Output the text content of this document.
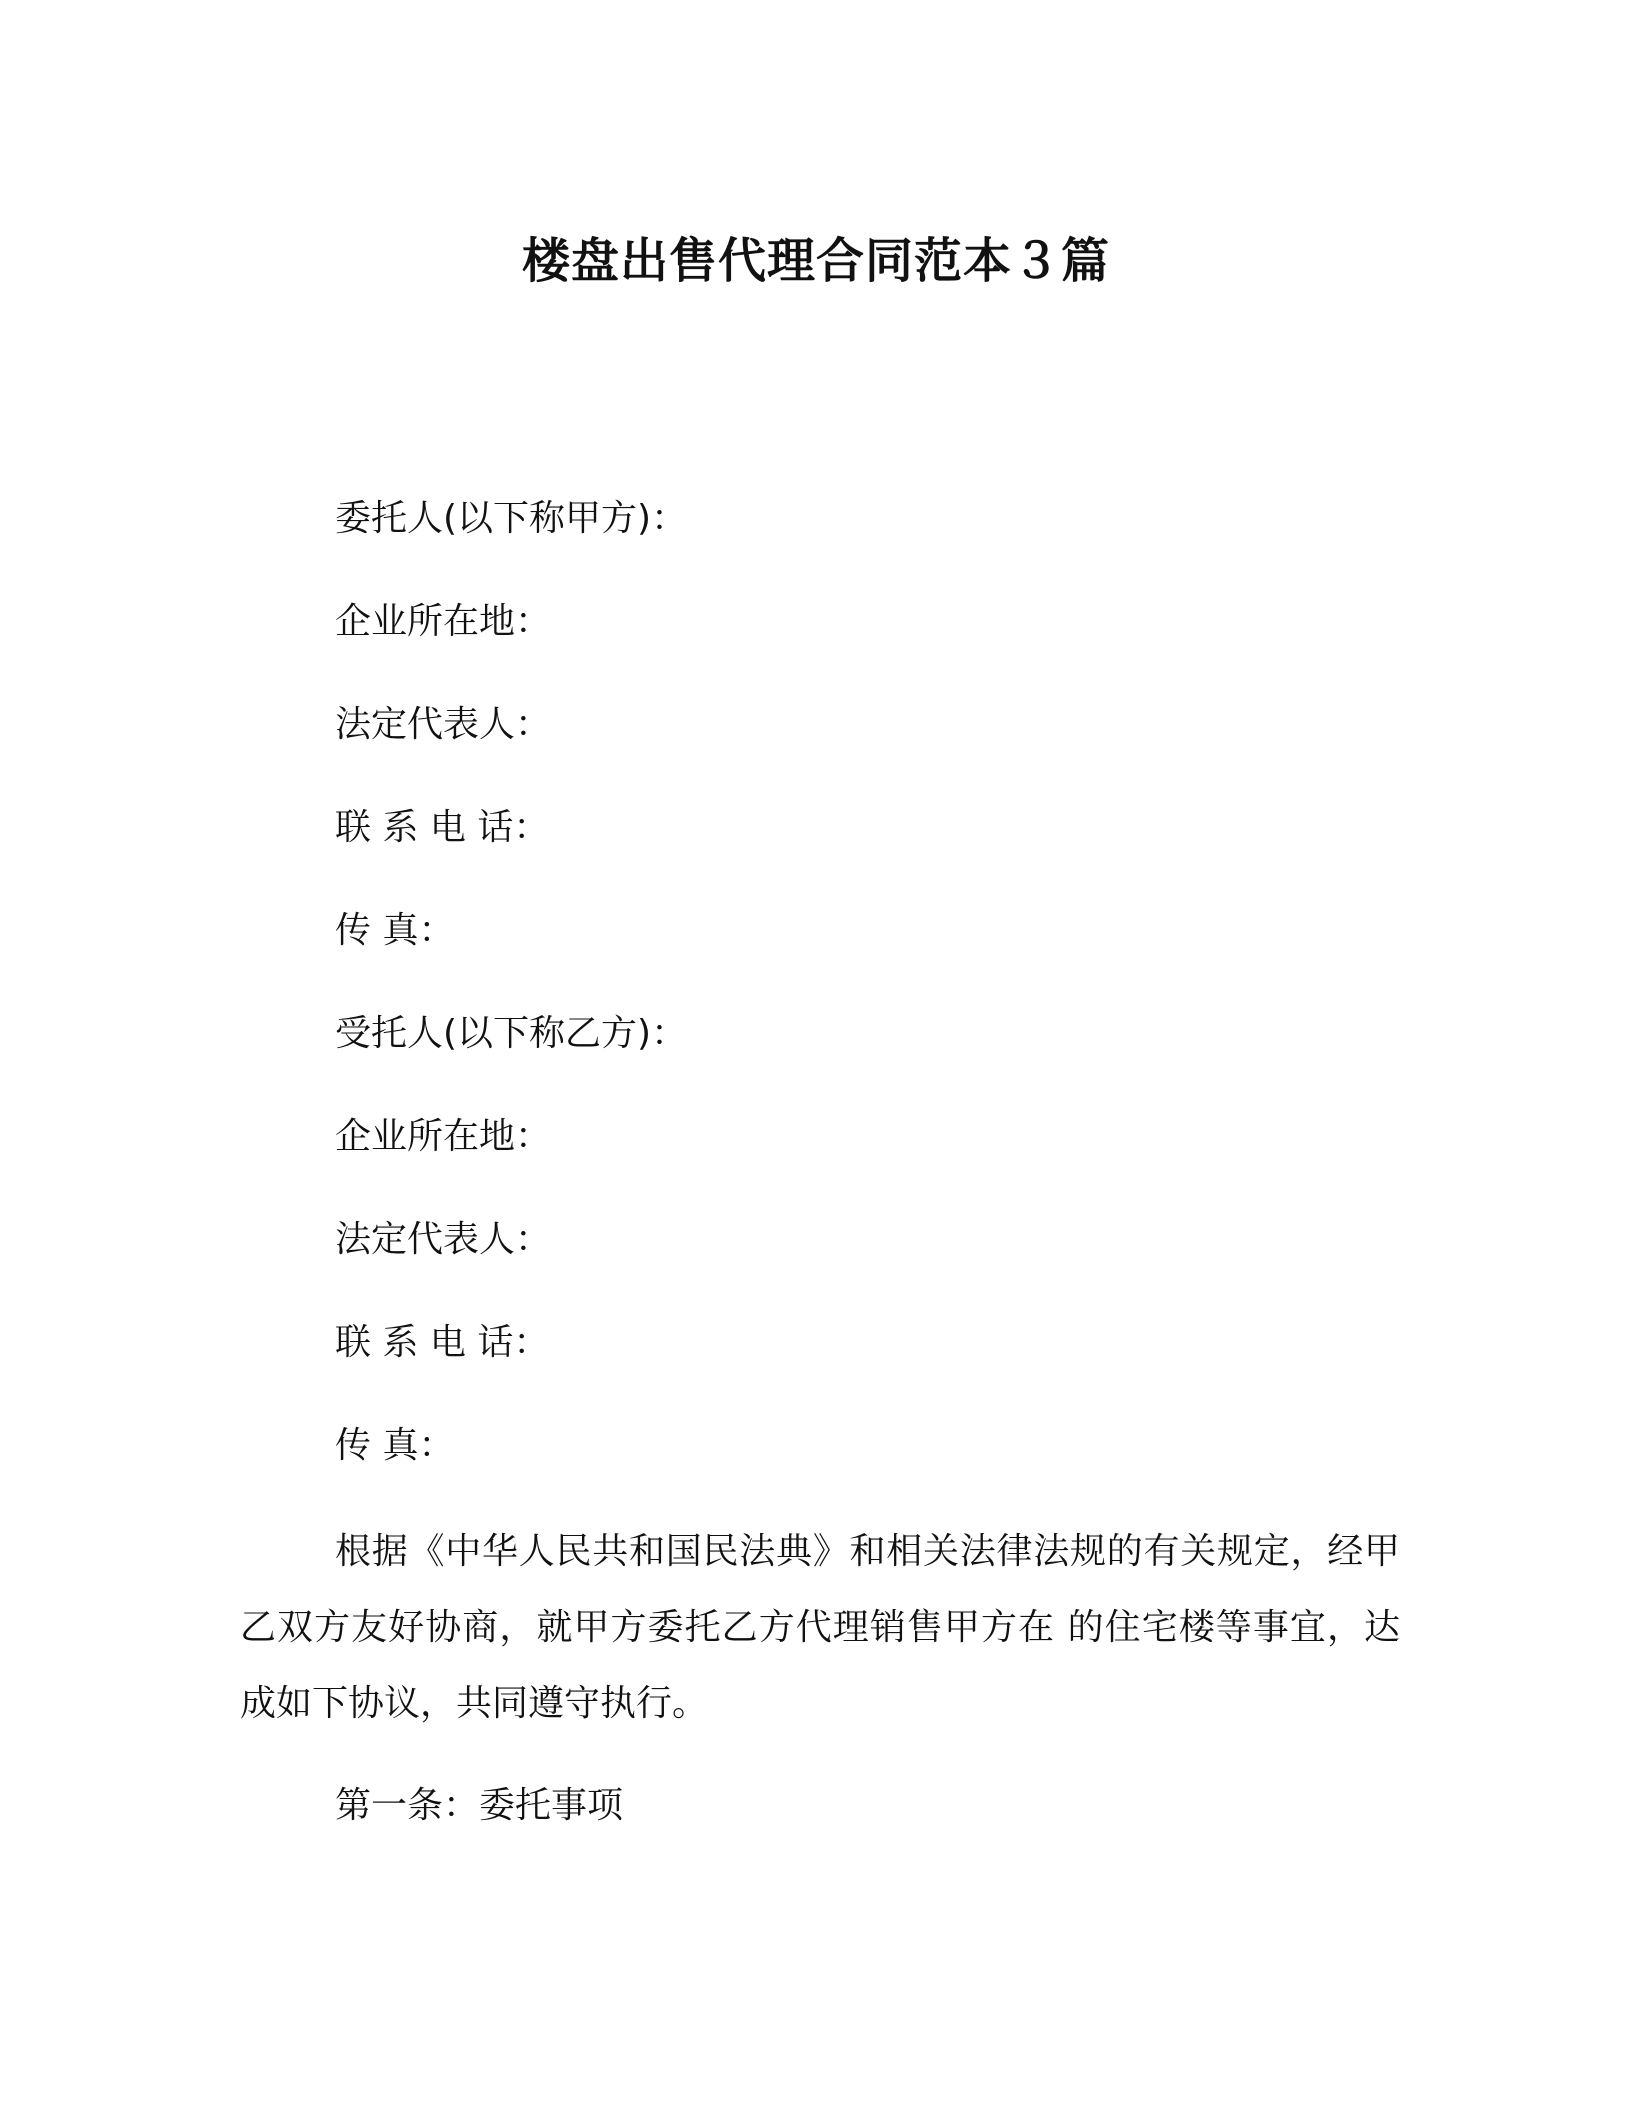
楼盘出售代理合同范本３篇
委托人(以下称甲方)：
企业所在地：
法定代表人：
联 系 电 话：
传 真：
受托人(以下称乙方)：
企业所在地：
法定代表人：
联 系 电 话：
传 真：
根据《中华人民共和国民法典》和相关法律法规的有关规定，经甲乙双方友好协商，就甲方委托乙方代理销售甲方在 的住宅楼等事宜，达成如下协议，共同遵守执行。
第一条：委托事项
